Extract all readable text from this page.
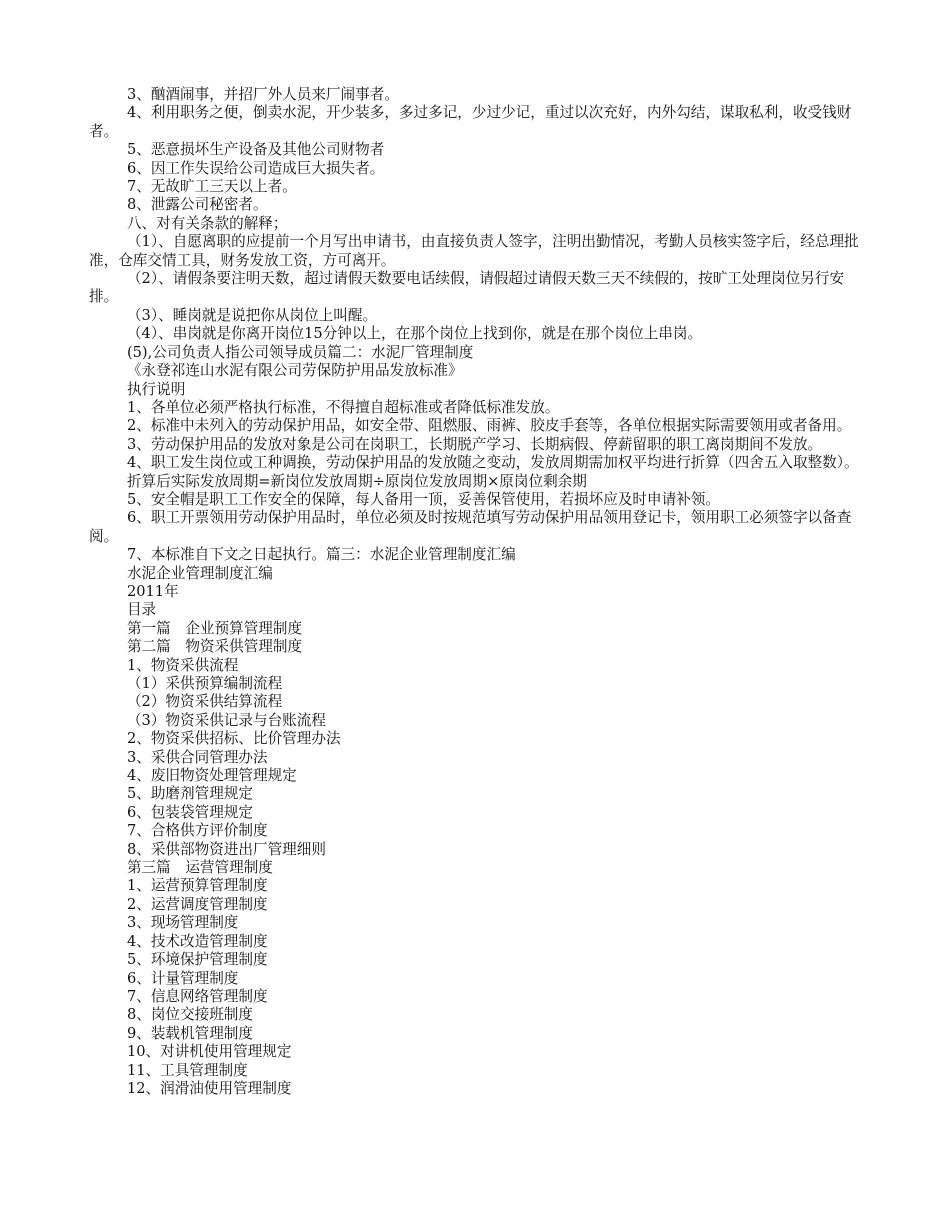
3、酗酒闹事，并招厂外人员来厂闹事者。

4、利用职务之便，倒卖水泥，开少装多，多过多记，少过少记，重过以次充好，内外勾结，谋取私利，收受钱财者。

5、恶意损坏生产设备及其他公司财物者

6、因工作失误给公司造成巨大损失者。

7、无故旷工三天以上者。

8、泄露公司秘密者。

八、对有关条款的解释；

（1）、自愿离职的应提前一个月写出申请书，由直接负责人签字，注明出勤情况，考勤人员核实签字后，经总理批准，仓库交情工具，财务发放工资，方可离开。

（2）、请假条要注明天数，超过请假天数要电话续假，请假超过请假天数三天不续假的，按旷工处理岗位另行安排。

（3）、睡岗就是说把你从岗位上叫醒。

（4）、串岗就是你离开岗位15分钟以上，在那个岗位上找到你，就是在那个岗位上串岗。

(5),公司负责人指公司领导成员篇二：水泥厂管理制度

《永登祁连山水泥有限公司劳保防护用品发放标准》

执行说明

1、各单位必须严格执行标准，不得擅自超标准或者降低标准发放。

2、标准中未列入的劳动保护用品，如安全带、阻燃服、雨裤、胶皮手套等，各单位根据实际需要领用或者备用。

3、劳动保护用品的发放对象是公司在岗职工，长期脱产学习、长期病假、停薪留职的职工离岗期间不发放。

4、职工发生岗位或工种调换，劳动保护用品的发放随之变动，发放周期需加权平均进行折算（四舍五入取整数）。

折算后实际发放周期=新岗位发放周期÷原岗位发放周期×原岗位剩余期

5、安全帽是职工工作安全的保障，每人备用一顶，妥善保管使用，若损坏应及时申请补领。

6、职工开票领用劳动保护用品时，单位必须及时按规范填写劳动保护用品领用登记卡，领用职工必须签字以备查阅。

7、本标准自下文之日起执行。篇三：水泥企业管理制度汇编

水泥企业管理制度汇编

2011年

目录

第一篇　企业预算管理制度

第二篇　物资采供管理制度

1、物资采供流程

（1）采供预算编制流程

（2）物资采供结算流程

（3）物资采供记录与台账流程

2、物资采供招标、比价管理办法

3、采供合同管理办法

4、废旧物资处理管理规定

5、助磨剂管理规定

6、包装袋管理规定

7、合格供方评价制度

8、采供部物资进出厂管理细则

第三篇　运营管理制度

1、运营预算管理制度

2、运营调度管理制度

3、现场管理制度

4、技术改造管理制度

5、环境保护管理制度

6、计量管理制度

7、信息网络管理制度

8、岗位交接班制度

9、装载机管理制度

10、对讲机使用管理规定

11、工具管理制度

12、润滑油使用管理制度
